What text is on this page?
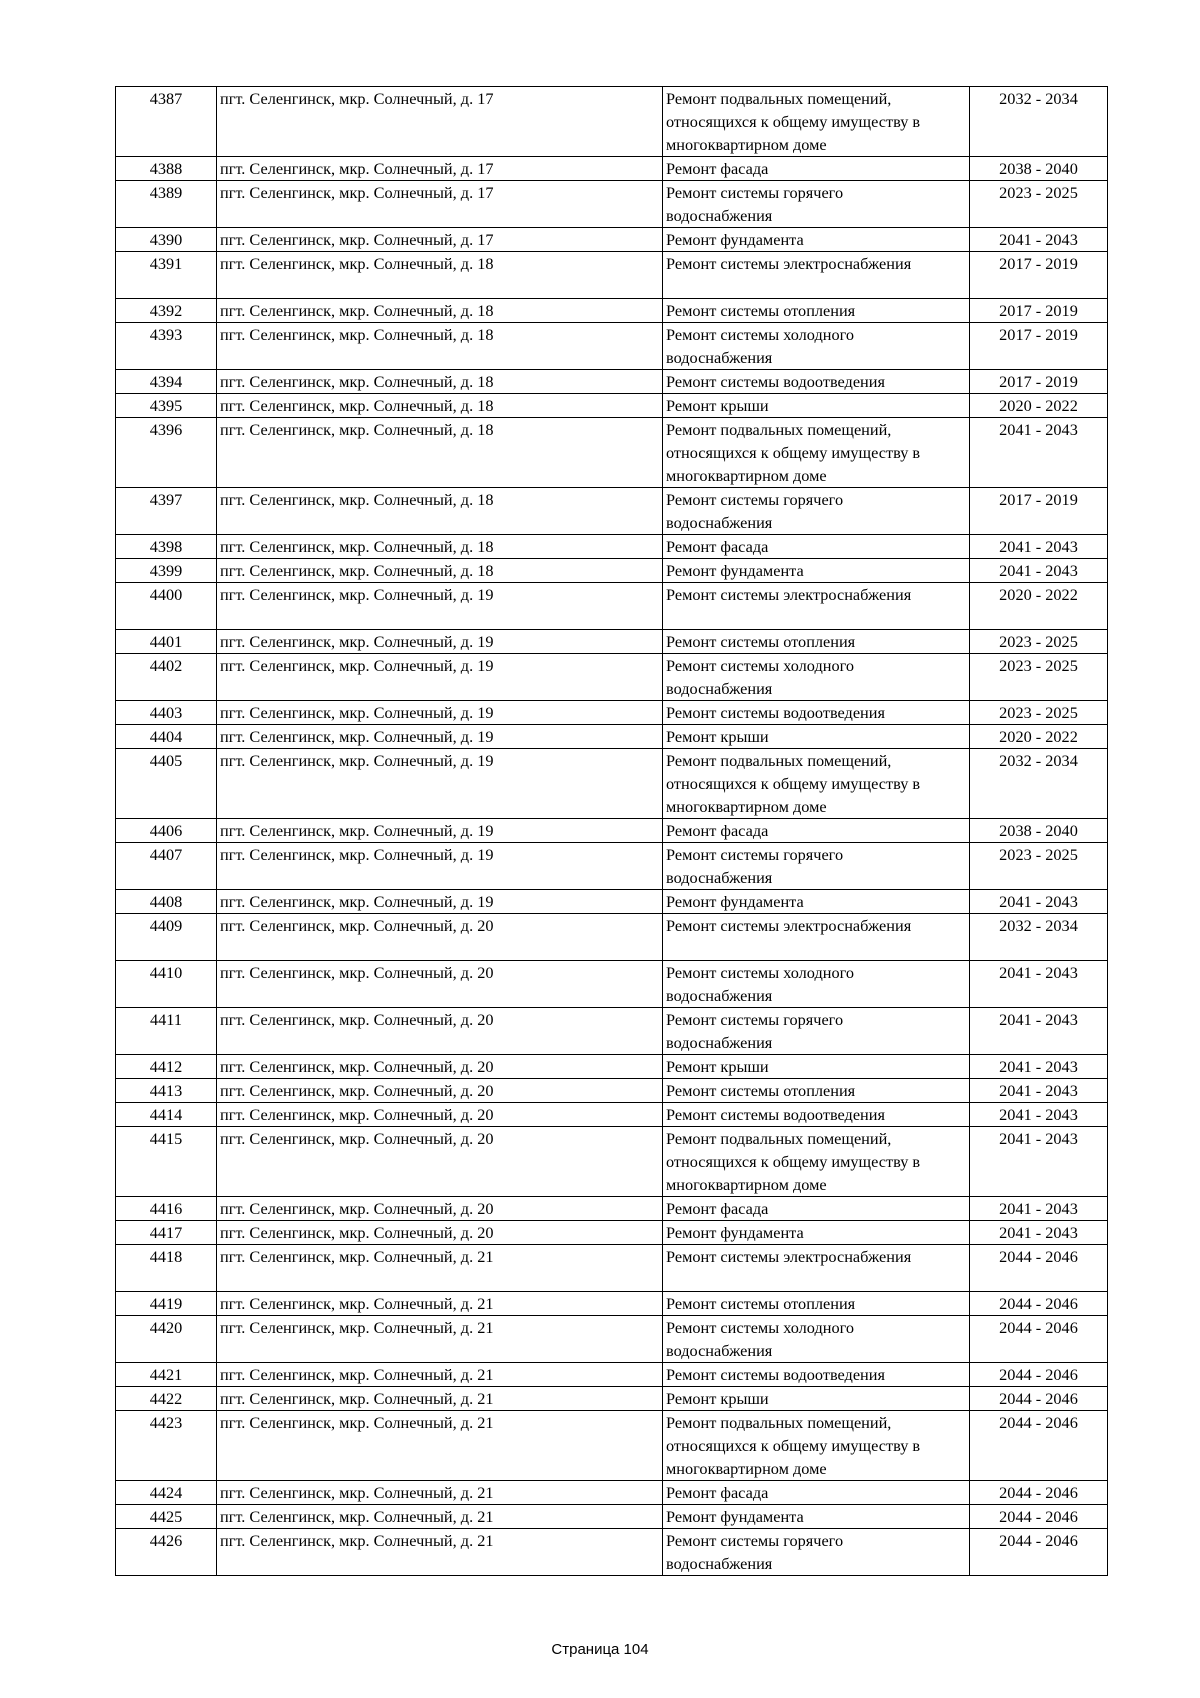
4387	пгт. Селенгинск, мкр. Солнечный, д. 17	Ремонт подвальных помещений,
относящихся к общему имуществу в
многоквартирном доме	2032 - 2034
4388	пгт. Селенгинск, мкр. Солнечный, д. 17	Ремонт фасада	2038 - 2040
4389	пгт. Селенгинск, мкр. Солнечный, д. 17	Ремонт системы горячего
водоснабжения	2023 - 2025
4390	пгт. Селенгинск, мкр. Солнечный, д. 17	Ремонт фундамента	2041 - 2043
4391	пгт. Селенгинск, мкр. Солнечный, д. 18	Ремонт системы электроснабжения	2017 - 2019
4392	пгт. Селенгинск, мкр. Солнечный, д. 18	Ремонт системы отопления	2017 - 2019
4393	пгт. Селенгинск, мкр. Солнечный, д. 18	Ремонт системы холодного
водоснабжения	2017 - 2019
4394	пгт. Селенгинск, мкр. Солнечный, д. 18	Ремонт системы водоотведения	2017 - 2019
4395	пгт. Селенгинск, мкр. Солнечный, д. 18	Ремонт крыши	2020 - 2022
4396	пгт. Селенгинск, мкр. Солнечный, д. 18	Ремонт подвальных помещений,
относящихся к общему имуществу в
многоквартирном доме	2041 - 2043
4397	пгт. Селенгинск, мкр. Солнечный, д. 18	Ремонт системы горячего
водоснабжения	2017 - 2019
4398	пгт. Селенгинск, мкр. Солнечный, д. 18	Ремонт фасада	2041 - 2043
4399	пгт. Селенгинск, мкр. Солнечный, д. 18	Ремонт фундамента	2041 - 2043
4400	пгт. Селенгинск, мкр. Солнечный, д. 19	Ремонт системы электроснабжения	2020 - 2022
4401	пгт. Селенгинск, мкр. Солнечный, д. 19	Ремонт системы отопления	2023 - 2025
4402	пгт. Селенгинск, мкр. Солнечный, д. 19	Ремонт системы холодного
водоснабжения	2023 - 2025
4403	пгт. Селенгинск, мкр. Солнечный, д. 19	Ремонт системы водоотведения	2023 - 2025
4404	пгт. Селенгинск, мкр. Солнечный, д. 19	Ремонт крыши	2020 - 2022
4405	пгт. Селенгинск, мкр. Солнечный, д. 19	Ремонт подвальных помещений,
относящихся к общему имуществу в
многоквартирном доме	2032 - 2034
4406	пгт. Селенгинск, мкр. Солнечный, д. 19	Ремонт фасада	2038 - 2040
4407	пгт. Селенгинск, мкр. Солнечный, д. 19	Ремонт системы горячего
водоснабжения	2023 - 2025
4408	пгт. Селенгинск, мкр. Солнечный, д. 19	Ремонт фундамента	2041 - 2043
4409	пгт. Селенгинск, мкр. Солнечный, д. 20	Ремонт системы электроснабжения	2032 - 2034
4410	пгт. Селенгинск, мкр. Солнечный, д. 20	Ремонт системы холодного
водоснабжения	2041 - 2043
4411	пгт. Селенгинск, мкр. Солнечный, д. 20	Ремонт системы горячего
водоснабжения	2041 - 2043
4412	пгт. Селенгинск, мкр. Солнечный, д. 20	Ремонт крыши	2041 - 2043
4413	пгт. Селенгинск, мкр. Солнечный, д. 20	Ремонт системы отопления	2041 - 2043
4414	пгт. Селенгинск, мкр. Солнечный, д. 20	Ремонт системы водоотведения	2041 - 2043
4415	пгт. Селенгинск, мкр. Солнечный, д. 20	Ремонт подвальных помещений,
относящихся к общему имуществу в
многоквартирном доме	2041 - 2043
4416	пгт. Селенгинск, мкр. Солнечный, д. 20	Ремонт фасада	2041 - 2043
4417	пгт. Селенгинск, мкр. Солнечный, д. 20	Ремонт фундамента	2041 - 2043
4418	пгт. Селенгинск, мкр. Солнечный, д. 21	Ремонт системы электроснабжения	2044 - 2046
4419	пгт. Селенгинск, мкр. Солнечный, д. 21	Ремонт системы отопления	2044 - 2046
4420	пгт. Селенгинск, мкр. Солнечный, д. 21	Ремонт системы холодного
водоснабжения	2044 - 2046
4421	пгт. Селенгинск, мкр. Солнечный, д. 21	Ремонт системы водоотведения	2044 - 2046
4422	пгт. Селенгинск, мкр. Солнечный, д. 21	Ремонт крыши	2044 - 2046
4423	пгт. Селенгинск, мкр. Солнечный, д. 21	Ремонт подвальных помещений,
относящихся к общему имуществу в
многоквартирном доме	2044 - 2046
4424	пгт. Селенгинск, мкр. Солнечный, д. 21	Ремонт фасада	2044 - 2046
4425	пгт. Селенгинск, мкр. Солнечный, д. 21	Ремонт фундамента	2044 - 2046
4426	пгт. Селенгинск, мкр. Солнечный, д. 21	Ремонт системы горячего
водоснабжения	2044 - 2046
Страница 104
